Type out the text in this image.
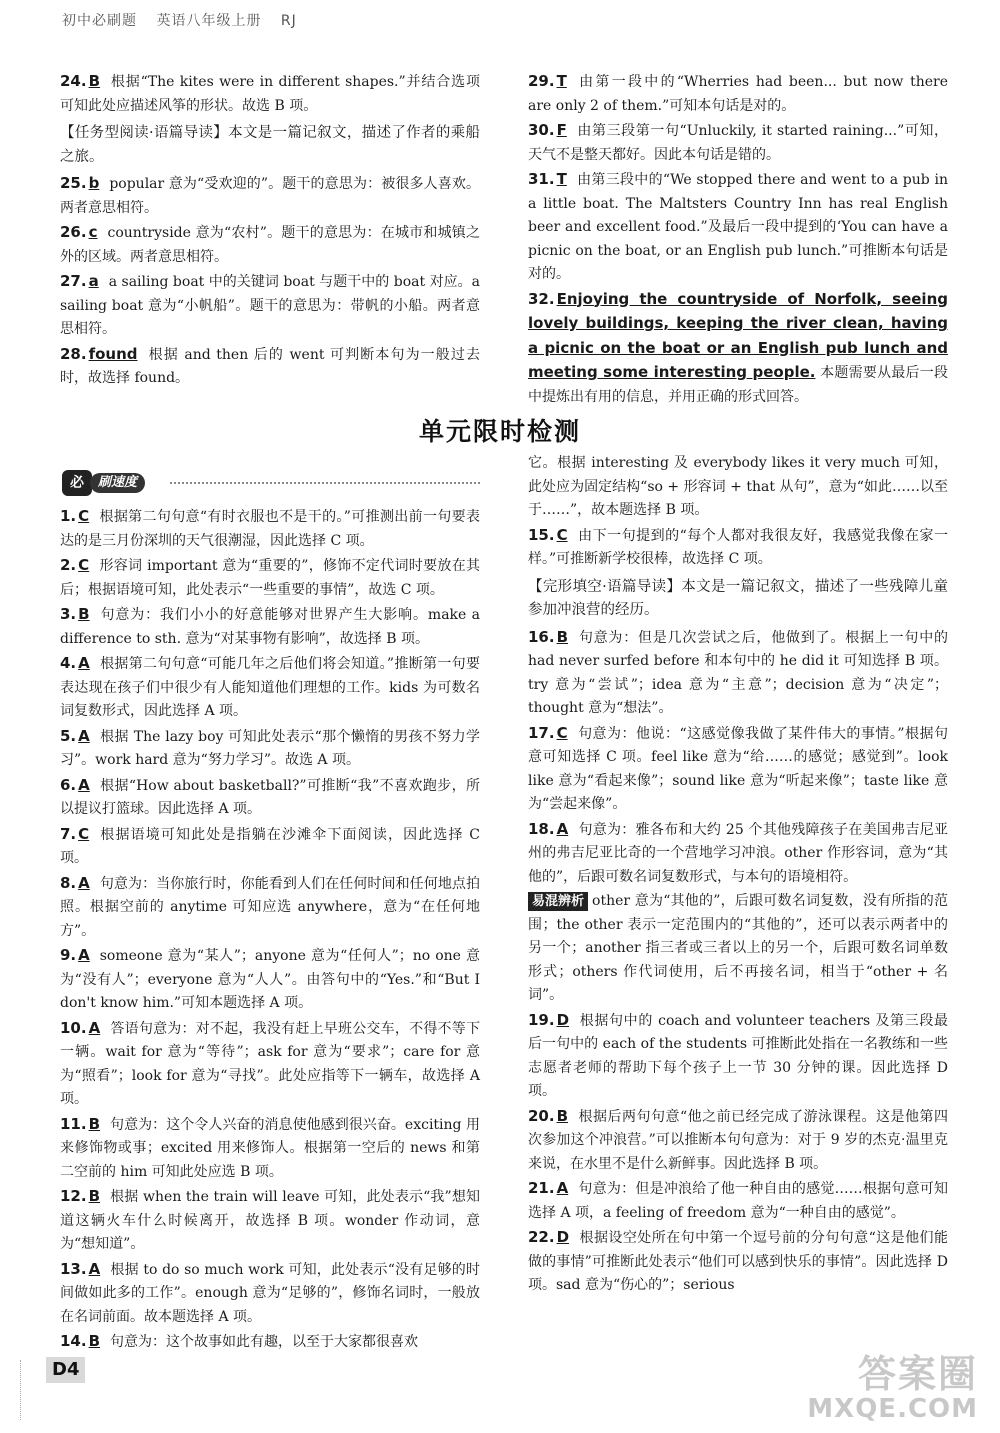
初中必刷题 英语八年级上册 RJ

24. B 根据“The kites were in different shapes.”并结合选项可知此处应描述风筝的形状。故选 B 项。

【任务型阅读·语篇导读】本文是一篇记叙文，描述了作者的乘船之旅。

25. b popular 意为“受欢迎的”。题干的意思为：被很多人喜欢。两者意思相符。

26. c countryside 意为“农村”。题干的意思为：在城市和城镇之外的区域。两者意思相符。

27. a a sailing boat 中的关键词 boat 与题干中的 boat 对应。a sailing boat 意为“小帆船”。题干的意思为：带帆的小船。两者意思相符。

28. found 根据 and then 后的 went 可判断本句为一般过去时，故选择 found。

29. T 由第一段中的“Wherries had been... but now there are only 2 of them.”可知本句话是对的。

30. F 由第三段第一句“Unluckily, it started raining...”可知，天气不是整天都好。因此本句话是错的。

31. T 由第三段中的“We stopped there and went to a pub in a little boat. The Maltsters Country Inn has real English beer and excellent food.”及最后一段中提到的‘You can have a picnic on the boat, or an English pub lunch.”可推断本句话是对的。

32. Enjoying the countryside of Norfolk, seeing lovely buildings, keeping the river clean, having a picnic on the boat or an English pub lunch and meeting some interesting people. 本题需要从最后一段中提炼出有用的信息，并用正确的形式回答。

单元限时检测
必	刷速度

1. C 根据第二句句意“有时衣服也不是干的。”可推测出前一句要表达的是三月份深圳的天气很潮湿，因此选择 C 项。

2. C 形容词 important 意为“重要的”，修饰不定代词时要放在其后；根据语境可知，此处表示“一些重要的事情”，故选 C 项。

3. B 句意为：我们小小的好意能够对世界产生大影响。make a difference to sth. 意为“对某事物有影响”，故选择 B 项。

4. A 根据第二句句意“可能几年之后他们将会知道。”推断第一句要表达现在孩子们中很少有人能知道他们理想的工作。kids 为可数名词复数形式，因此选择 A 项。

5. A 根据 The lazy boy 可知此处表示“那个懒惰的男孩不努力学习”。work hard 意为“努力学习”。故选 A 项。

6. A 根据“How about basketball?”可推断“我”不喜欢跑步，所以提议打篮球。因此选择 A 项。

7. C 根据语境可知此处是指躺在沙滩伞下面阅读，因此选择 C 项。

8. A 句意为：当你旅行时，你能看到人们在任何时间和任何地点拍照。根据空前的 anytime 可知应选 anywhere，意为“在任何地方”。

9. A someone 意为“某人”；anyone 意为“任何人”；no one 意为“没有人”；everyone 意为“人人”。由答句中的“Yes.”和“But I don't know him.”可知本题选择 A 项。

10. A 答语句意为：对不起，我没有赶上早班公交车，不得不等下一辆。wait for 意为“等待”；ask for 意为“要求”；care for 意为“照看”；look for 意为“寻找”。此处应指等下一辆车，故选择 A 项。

11. B 句意为：这个令人兴奋的消息使他感到很兴奋。exciting 用来修饰物或事；excited 用来修饰人。根据第一空后的 news 和第二空前的 him 可知此处应选 B 项。

12. B 根据 when the train will leave 可知，此处表示“我”想知道这辆火车什么时候离开，故选择 B 项。wonder 作动词，意为“想知道”。

13. A 根据 to do so much work 可知，此处表示“没有足够的时间做如此多的工作”。enough 意为“足够的”，修饰名词时，一般放在名词前面。故本题选择 A 项。

14. B 句意为：这个故事如此有趣，以至于大家都很喜欢

它。根据 interesting 及 everybody likes it very much 可知，此处应为固定结构“so + 形容词 + that 从句”，意为“如此……以至于……”，故本题选择 B 项。

15. C 由下一句提到的“每个人都对我很友好，我感觉我像在家一样。”可推断新学校很棒，故选择 C 项。

【完形填空·语篇导读】本文是一篇记叙文，描述了一些残障儿童参加冲浪营的经历。

16. B 句意为：但是几次尝试之后，他做到了。根据上一句中的 had never surfed before 和本句中的 he did it 可知选择 B 项。try 意为“尝试”；idea 意为“主意”；decision 意为“决定”；thought 意为“想法”。

17. C 句意为：他说：“这感觉像我做了某件伟大的事情。”根据句意可知选择 C 项。feel like 意为“给……的感觉；感觉到”。look like 意为“看起来像”；sound like 意为“听起来像”；taste like 意为“尝起来像”。

18. A 句意为：雅各布和大约 25 个其他残障孩子在美国弗吉尼亚州的弗吉尼亚比奇的一个营地学习冲浪。other 作形容词，意为“其他的”，后跟可数名词复数形式，与本句的语境相符。

易混辨析 other 意为“其他的”，后跟可数名词复数，没有所指的范围；the other 表示一定范围内的“其他的”，还可以表示两者中的另一个；another 指三者或三者以上的另一个，后跟可数名词单数形式；others 作代词使用，后不再接名词，相当于“other + 名词”。

19. D 根据句中的 coach and volunteer teachers 及第三段最后一句中的 each of the students 可推断此处指在一名教练和一些志愿者老师的帮助下每个孩子上一节 30 分钟的课。因此选择 D 项。

20. B 根据后两句句意“他之前已经完成了游泳课程。这是他第四次参加这个冲浪营。”可以推断本句句意为：对于 9 岁的杰克·温里克来说，在水里不是什么新鲜事。因此选择 B 项。

21. A 句意为：但是冲浪给了他一种自由的感觉……根据句意可知选择 A 项，a feeling of freedom 意为“一种自由的感觉”。

22. D 根据设空处所在句中第一个逗号前的分句句意“这是他们能做的事情”可推断此处表示“他们可以感到快乐的事情”。因此选择 D 项。sad 意为“伤心的”；serious

D4	答案圈
MXQE.COM
